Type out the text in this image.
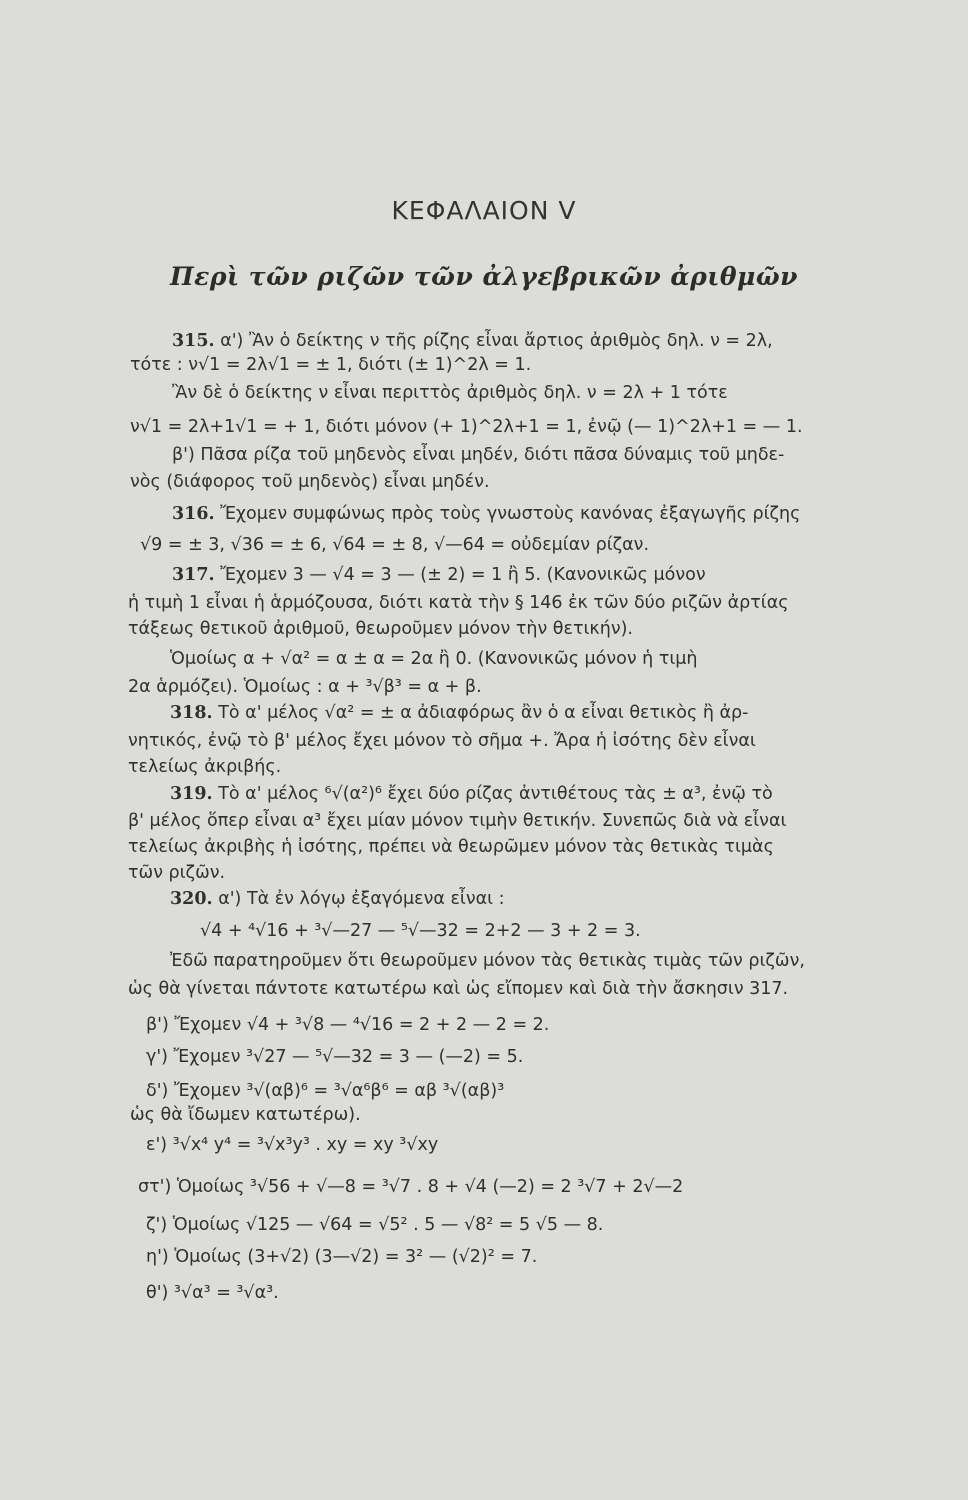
ΚΕΦΑΛΑΙΟΝ V
Περὶ τῶν ριζῶν τῶν ἀλγεβρικῶν ἀριθμῶν
315. α') Ἂν ὁ δείκτης ν τῆς ρίζης εἶναι ἄρτιος ἀριθμὸς δηλ. ν = 2λ,
τότε : ν√1 = 2λ√1 = ± 1, διότι (± 1)^2λ = 1.
Ἂν δὲ ὁ δείκτης ν εἶναι περιττὸς ἀριθμὸς δηλ. ν = 2λ + 1 τότε
ν√1 = 2λ+1√1 = + 1, διότι μόνον (+ 1)^2λ+1 = 1, ἐνῷ (— 1)^2λ+1 = — 1.
β') Πᾶσα ρίζα τοῦ μηδενὸς εἶναι μηδέν, διότι πᾶσα δύναμις τοῦ μηδε-
νὸς (διάφορος τοῦ μηδενὸς) εἶναι μηδέν.
316. Ἔχομεν συμφώνως πρὸς τοὺς γνωστοὺς κανόνας ἐξαγωγῆς ρίζης
√9 = ± 3, √36 = ± 6, √64 = ± 8, √—64 = οὐδεμίαν ρίζαν.
317. Ἔχομεν 3 — √4 = 3 — (± 2) = 1 ἢ 5. (Κανονικῶς μόνον
ἡ τιμὴ 1 εἶναι ἡ ἁρμόζουσα, διότι κατὰ τὴν § 146 ἐκ τῶν δύο ριζῶν ἀρτίας
τάξεως θετικοῦ ἀριθμοῦ, θεωροῦμεν μόνον τὴν θετικήν).
Ὁμοίως α + √α² = α ± α = 2α ἢ 0. (Κανονικῶς μόνον ἡ τιμὴ
2α ἁρμόζει). Ὁμοίως : α + ³√β³ = α + β.
318. Τὸ α' μέλος √α² = ± α ἀδιαφόρως ἂν ὁ α εἶναι θετικὸς ἢ ἀρ-
νητικός, ἐνῷ τὸ β' μέλος ἔχει μόνον τὸ σῆμα +. Ἄρα ἡ ἰσότης δὲν εἶναι
τελείως ἀκριβής.
319. Τὸ α' μέλος ⁶√(α²)⁶ ἔχει δύο ρίζας ἀντιθέτους τὰς ± α³, ἐνῷ τὸ
β' μέλος ὅπερ εἶναι α³ ἔχει μίαν μόνον τιμὴν θετικήν. Συνεπῶς διὰ νὰ εἶναι
τελείως ἀκριβὴς ἡ ἰσότης, πρέπει νὰ θεωρῶμεν μόνον τὰς θετικὰς τιμὰς
τῶν ριζῶν.
320. α') Τὰ ἐν λόγῳ ἐξαγόμενα εἶναι :
√4 + ⁴√16 + ³√—27 — ⁵√—32 = 2+2 — 3 + 2 = 3.
Ἐδῶ παρατηροῦμεν ὅτι θεωροῦμεν μόνον τὰς θετικὰς τιμὰς τῶν ριζῶν,
ὡς θὰ γίνεται πάντοτε κατωτέρω καὶ ὡς εἴπομεν καὶ διὰ τὴν ἄσκησιν 317.
β') Ἔχομεν √4 + ³√8 — ⁴√16 = 2 + 2 — 2 = 2.
γ') Ἔχομεν ³√27 — ⁵√—32 = 3 — (—2) = 5.
δ') Ἔχομεν ³√(αβ)⁶ = ³√α⁶β⁶ = αβ ³√(αβ)³
ὡς θὰ ἴδωμεν κατωτέρω).
ε') ³√x⁴ y⁴ = ³√x³y³ . xy = xy ³√xy
στ') Ὁμοίως ³√56 + √—8 = ³√7 . 8 + √4 (—2) = 2 ³√7 + 2√—2
ζ') Ὁμοίως √125 — √64 = √5² . 5 — √8² = 5 √5 — 8.
η') Ὁμοίως (3+√2) (3—√2) = 3² — (√2)² = 7.
θ') ³√α³ = ³√α³.
